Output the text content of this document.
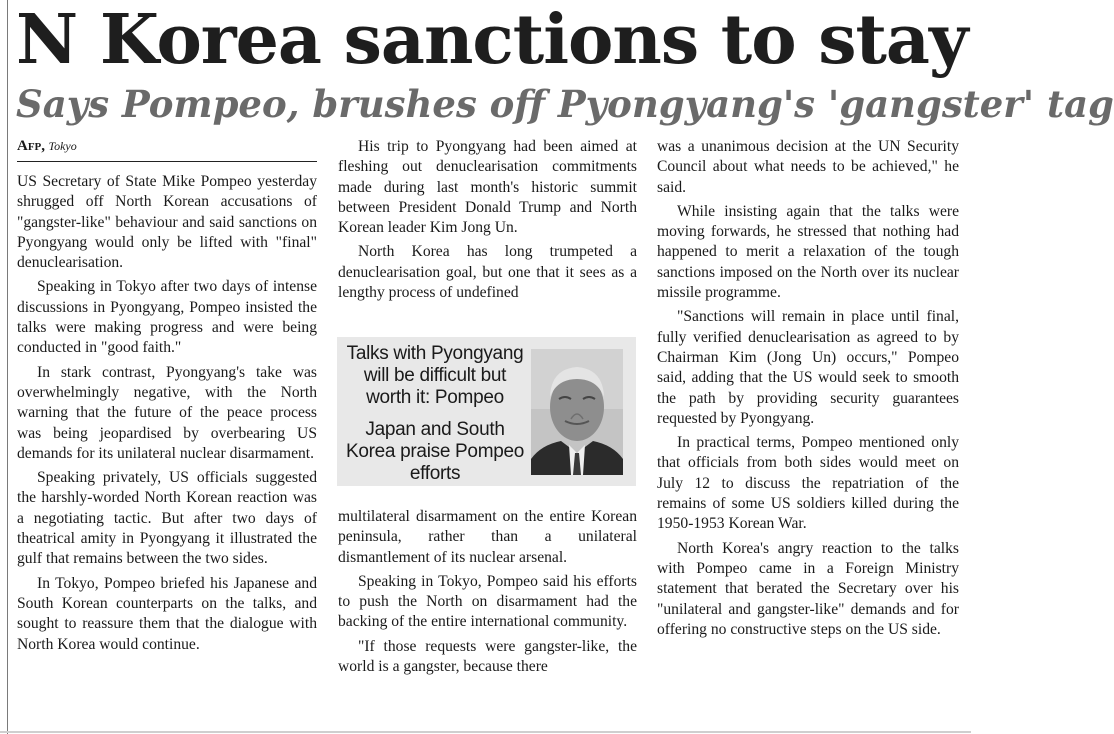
N Korea sanctions to stay
Says Pompeo, brushes off Pyongyang's 'gangster' tag
Afp, Tokyo

US Secretary of State Mike Pompeo yesterday shrugged off North Korean accusations of "gangster-like" behaviour and said sanctions on Pyongyang would only be lifted with "final" denuclearisation.

Speaking in Tokyo after two days of intense discussions in Pyongyang, Pompeo insisted the talks were making progress and were being conducted in "good faith."

In stark contrast, Pyongyang's take was overwhelmingly negative, with the North warning that the future of the peace process was being jeopardised by overbearing US demands for its unilateral nuclear disarmament.

Speaking privately, US officials suggested the harshly-worded North Korean reaction was a negotiating tactic. But after two days of theatrical amity in Pyongyang it illustrated the gulf that remains between the two sides.

In Tokyo, Pompeo briefed his Japanese and South Korean counterparts on the talks, and sought to reassure them that the dialogue with North Korea would continue.

His trip to Pyongyang had been aimed at fleshing out denuclearisation commitments made during last month's historic summit between President Donald Trump and North Korean leader Kim Jong Un.

North Korea has long trumpeted a denuclearisation goal, but one that it sees as a lengthy process of undefined

Talks with Pyongyang will be difficult but worth it: Pompeo
Japan and South Korea praise Pompeo efforts

multilateral disarmament on the entire Korean peninsula, rather than a unilateral dismantlement of its nuclear arsenal.

Speaking in Tokyo, Pompeo said his efforts to push the North on disarmament had the backing of the entire international community.

"If those requests were gangster-like, the world is a gangster, because there

was a unanimous decision at the UN Security Council about what needs to be achieved," he said.

While insisting again that the talks were moving forwards, he stressed that nothing had happened to merit a relaxation of the tough sanctions imposed on the North over its nuclear missile programme.

"Sanctions will remain in place until final, fully verified denuclearisation as agreed to by Chairman Kim (Jong Un) occurs," Pompeo said, adding that the US would seek to smooth the path by providing security guarantees requested by Pyongyang.

In practical terms, Pompeo mentioned only that officials from both sides would meet on July 12 to discuss the repatriation of the remains of some US soldiers killed during the 1950-1953 Korean War.

North Korea's angry reaction to the talks with Pompeo came in a Foreign Ministry statement that berated the Secretary over his "unilateral and gangster-like" demands and for offering no constructive steps on the US side.
